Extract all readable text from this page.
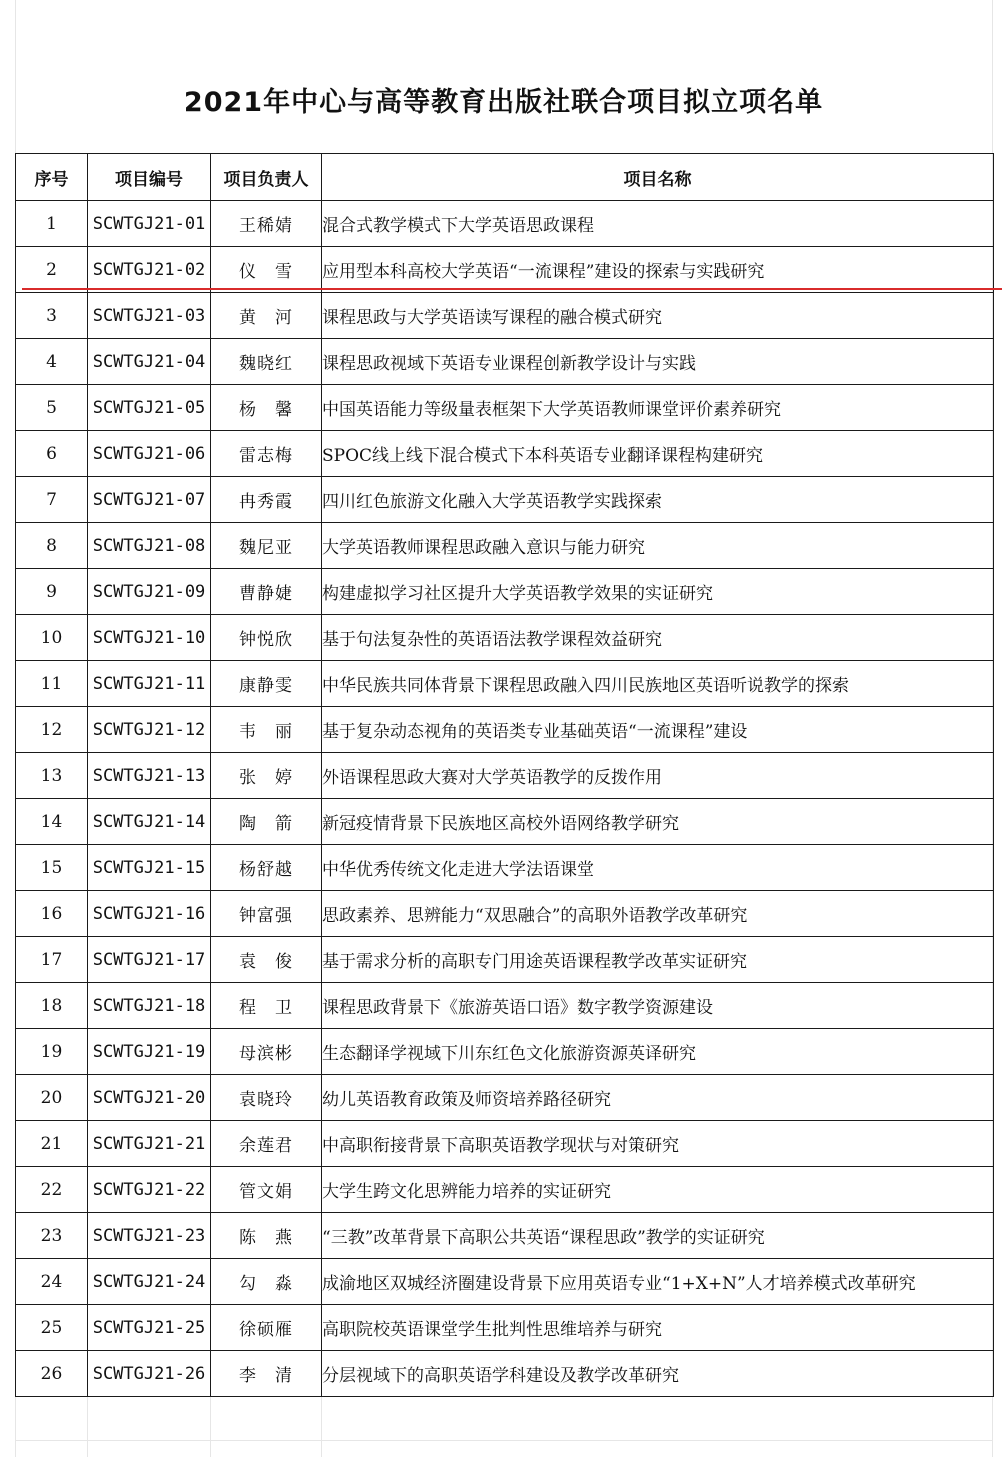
2021年中心与高等教育出版社联合项目拟立项名单
序号	项目编号	项目负责人	项目名称
1	SCWTGJ21-01	王稀婧	混合式教学模式下大学英语思政课程
2	SCWTGJ21-02	仪　雪	应用型本科高校大学英语“一流课程”建设的探索与实践研究
3	SCWTGJ21-03	黄　河	课程思政与大学英语读写课程的融合模式研究
4	SCWTGJ21-04	魏晓红	课程思政视域下英语专业课程创新教学设计与实践
5	SCWTGJ21-05	杨　馨	中国英语能力等级量表框架下大学英语教师课堂评价素养研究
6	SCWTGJ21-06	雷志梅	SPOC线上线下混合模式下本科英语专业翻译课程构建研究
7	SCWTGJ21-07	冉秀霞	四川红色旅游文化融入大学英语教学实践探索
8	SCWTGJ21-08	魏尼亚	大学英语教师课程思政融入意识与能力研究
9	SCWTGJ21-09	曹静婕	构建虚拟学习社区提升大学英语教学效果的实证研究
10	SCWTGJ21-10	钟悦欣	基于句法复杂性的英语语法教学课程效益研究
11	SCWTGJ21-11	康静雯	中华民族共同体背景下课程思政融入四川民族地区英语听说教学的探索
12	SCWTGJ21-12	韦　丽	基于复杂动态视角的英语类专业基础英语“一流课程”建设
13	SCWTGJ21-13	张　婷	外语课程思政大赛对大学英语教学的反拨作用
14	SCWTGJ21-14	陶　箭	新冠疫情背景下民族地区高校外语网络教学研究
15	SCWTGJ21-15	杨舒越	中华优秀传统文化走进大学法语课堂
16	SCWTGJ21-16	钟富强	思政素养、思辨能力“双思融合”的高职外语教学改革研究
17	SCWTGJ21-17	袁　俊	基于需求分析的高职专门用途英语课程教学改革实证研究
18	SCWTGJ21-18	程　卫	课程思政背景下《旅游英语口语》数字教学资源建设
19	SCWTGJ21-19	母滨彬	生态翻译学视域下川东红色文化旅游资源英译研究
20	SCWTGJ21-20	袁晓玲	幼儿英语教育政策及师资培养路径研究
21	SCWTGJ21-21	余莲君	中高职衔接背景下高职英语教学现状与对策研究
22	SCWTGJ21-22	管文娟	大学生跨文化思辨能力培养的实证研究
23	SCWTGJ21-23	陈　燕	“三教”改革背景下高职公共英语“课程思政”教学的实证研究
24	SCWTGJ21-24	勾　淼	成渝地区双城经济圈建设背景下应用英语专业“1+X+N”人才培养模式改革研究
25	SCWTGJ21-25	徐硕雁	高职院校英语课堂学生批判性思维培养与研究
26	SCWTGJ21-26	李　清	分层视域下的高职英语学科建设及教学改革研究
